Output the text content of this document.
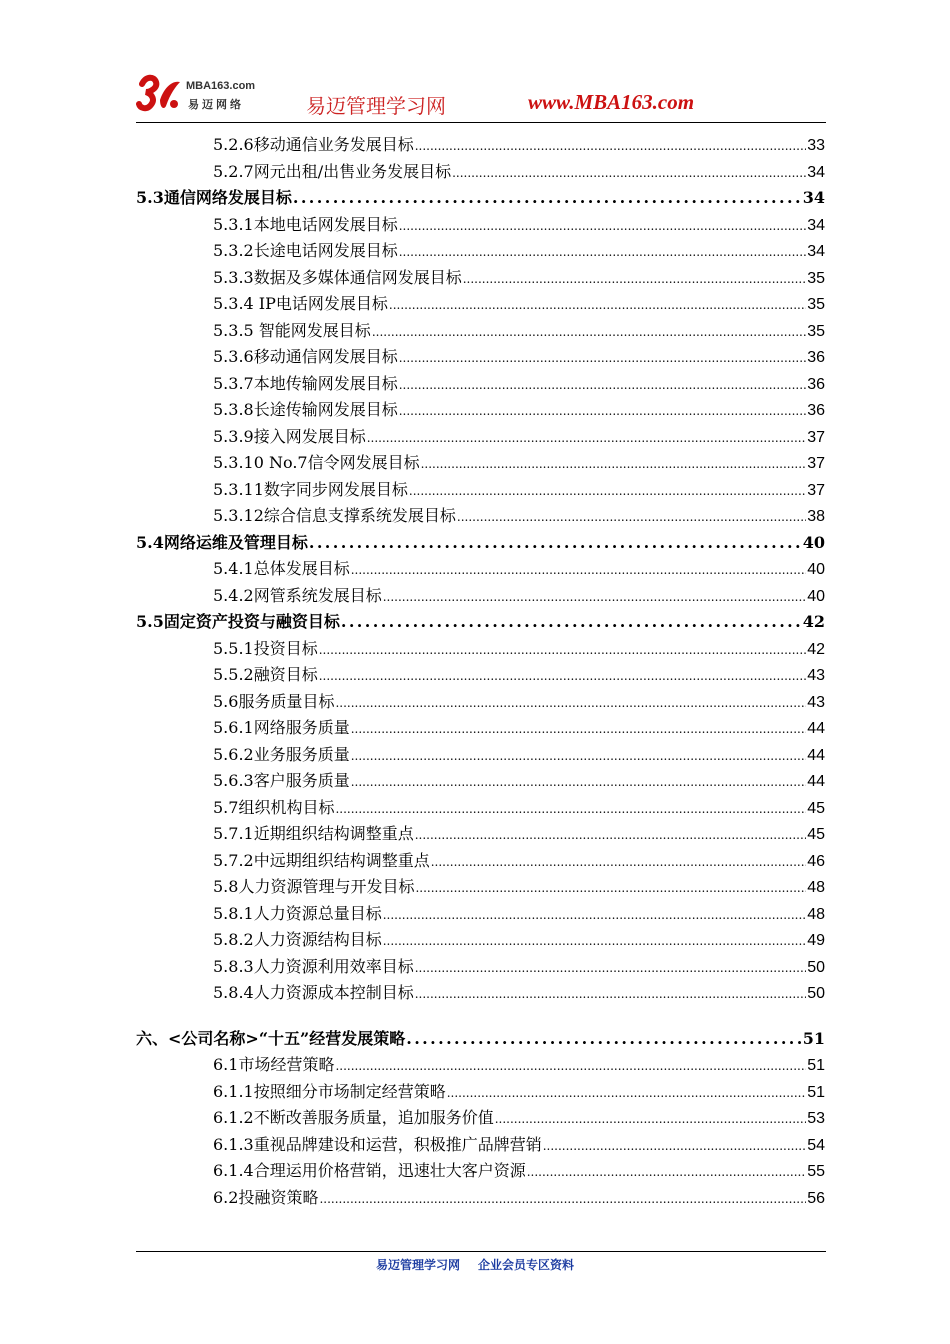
MBA163.com
易迈网络	易迈管理学习网	www.MBA163.com
5.2.6移动通信业务发展目标 .....	33
5.2.7网元出租/出售业务发展目标 .....	34
5.3通信网络发展目标 .....	34
5.3.1本地电话网发展目标 .....	34
5.3.2长途电话网发展目标 .....	34
5.3.3数据及多媒体通信网发展目标 .....	35
5.3.4 IP电话网发展目标 .....	35
5.3.5 智能网发展目标 .....	35
5.3.6移动通信网发展目标 .....	36
5.3.7本地传输网发展目标 .....	36
5.3.8长途传输网发展目标 .....	36
5.3.9接入网发展目标 .....	37
5.3.10 No.7信令网发展目标 .....	37
5.3.11数字同步网发展目标 .....	37
5.3.12综合信息支撑系统发展目标 .....	38
5.4网络运维及管理目标 .....	40
5.4.1总体发展目标 .....	40
5.4.2网管系统发展目标 .....	40
5.5固定资产投资与融资目标 .....	42
5.5.1投资目标 .....	42
5.5.2融资目标 .....	43
5.6服务质量目标 .....	43
5.6.1网络服务质量 .....	44
5.6.2业务服务质量 .....	44
5.6.3客户服务质量 .....	44
5.7组织机构目标 .....	45
5.7.1近期组织结构调整重点 .....	45
5.7.2中远期组织结构调整重点 .....	46
5.8人力资源管理与开发目标 .....	48
5.8.1人力资源总量目标 .....	48
5.8.2人力资源结构目标 .....	49
5.8.3人力资源利用效率目标 .....	50
5.8.4人力资源成本控制目标 .....	50
六、<公司名称>“十五”经营发展策略 .....	51
6.1市场经营策略 .....	51
6.1.1按照细分市场制定经营策略 .....	51
6.1.2不断改善服务质量，追加服务价值 .....	53
6.1.3重视品牌建设和运营，积极推广品牌营销 .....	54
6.1.4合理运用价格营销，迅速壮大客户资源 .....	55
6.2投融资策略 .....	56
易迈管理学习网 企业会员专区资料
